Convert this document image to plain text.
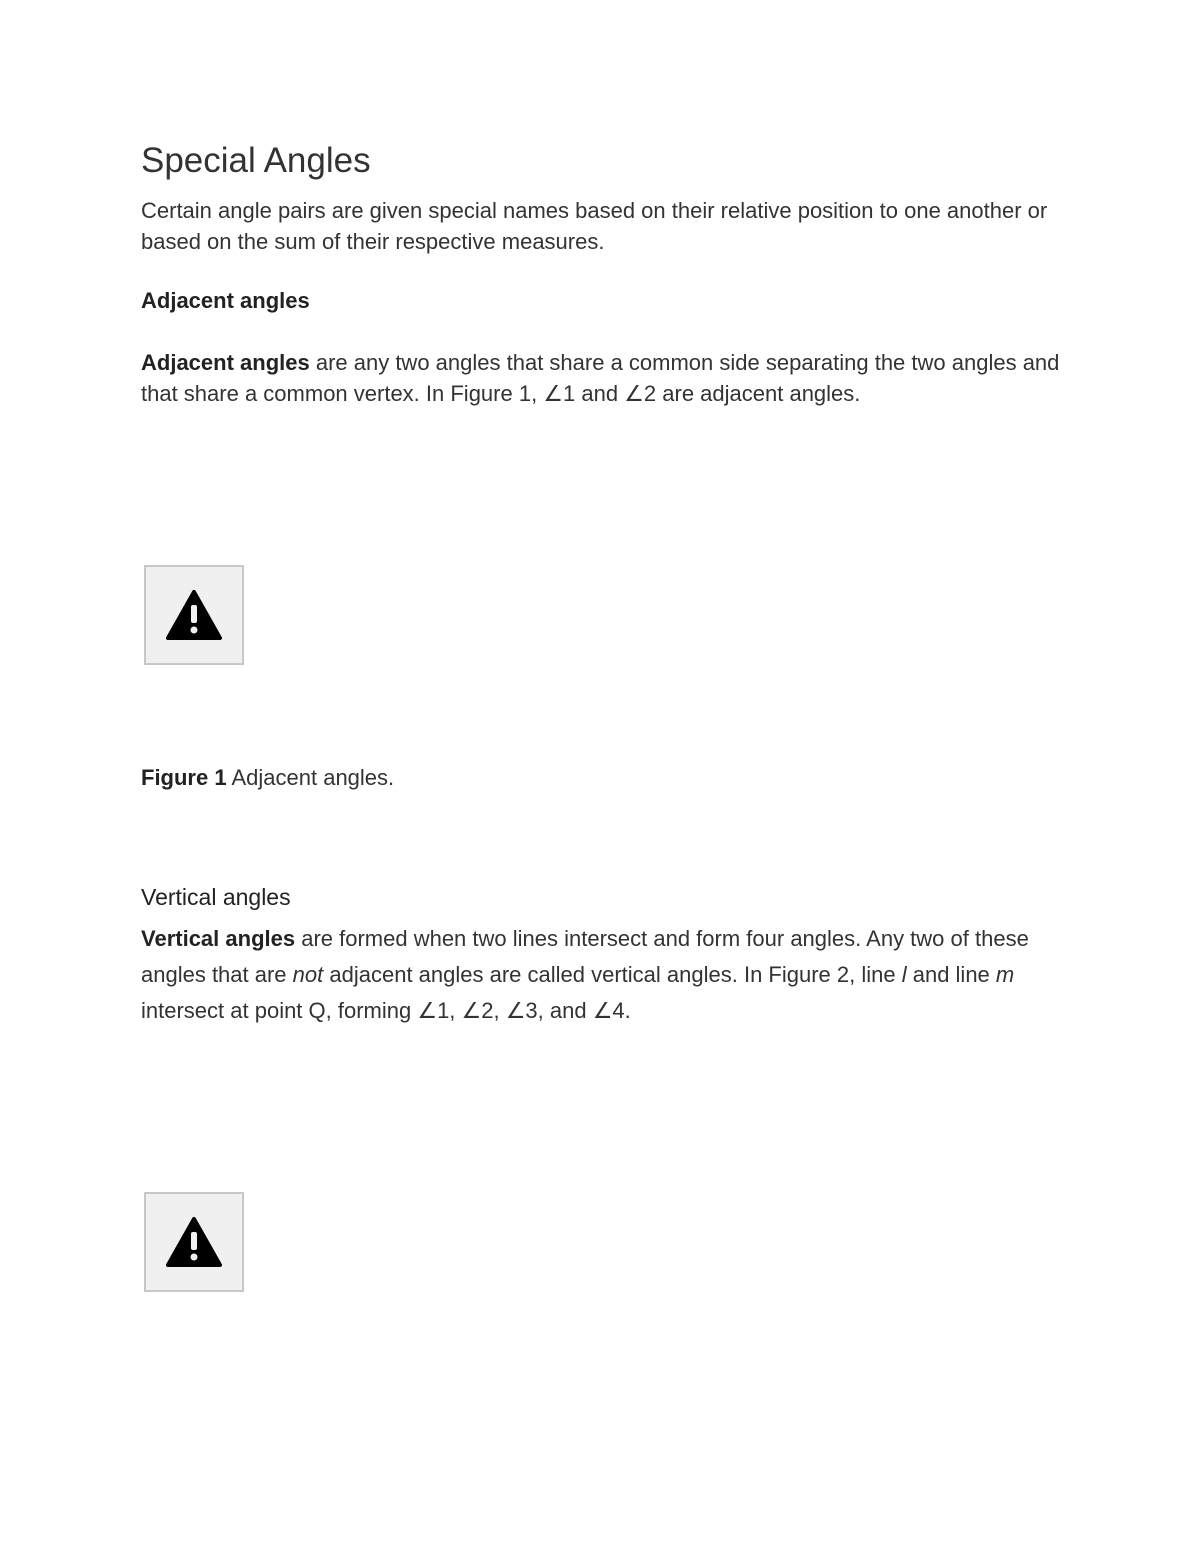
Special Angles

Certain angle pairs are given special names based on their relative position to one another or based on the sum of their respective measures.

Adjacent angles

Adjacent angles are any two angles that share a common side separating the two angles and that share a common vertex. In Figure 1, ∠1 and ∠2 are adjacent angles.

Figure 1 Adjacent angles.

Vertical angles

Vertical angles are formed when two lines intersect and form four angles. Any two of these angles that are not adjacent angles are called vertical angles. In Figure 2, line l and line m intersect at point Q, forming ∠1, ∠2, ∠3, and ∠4.
